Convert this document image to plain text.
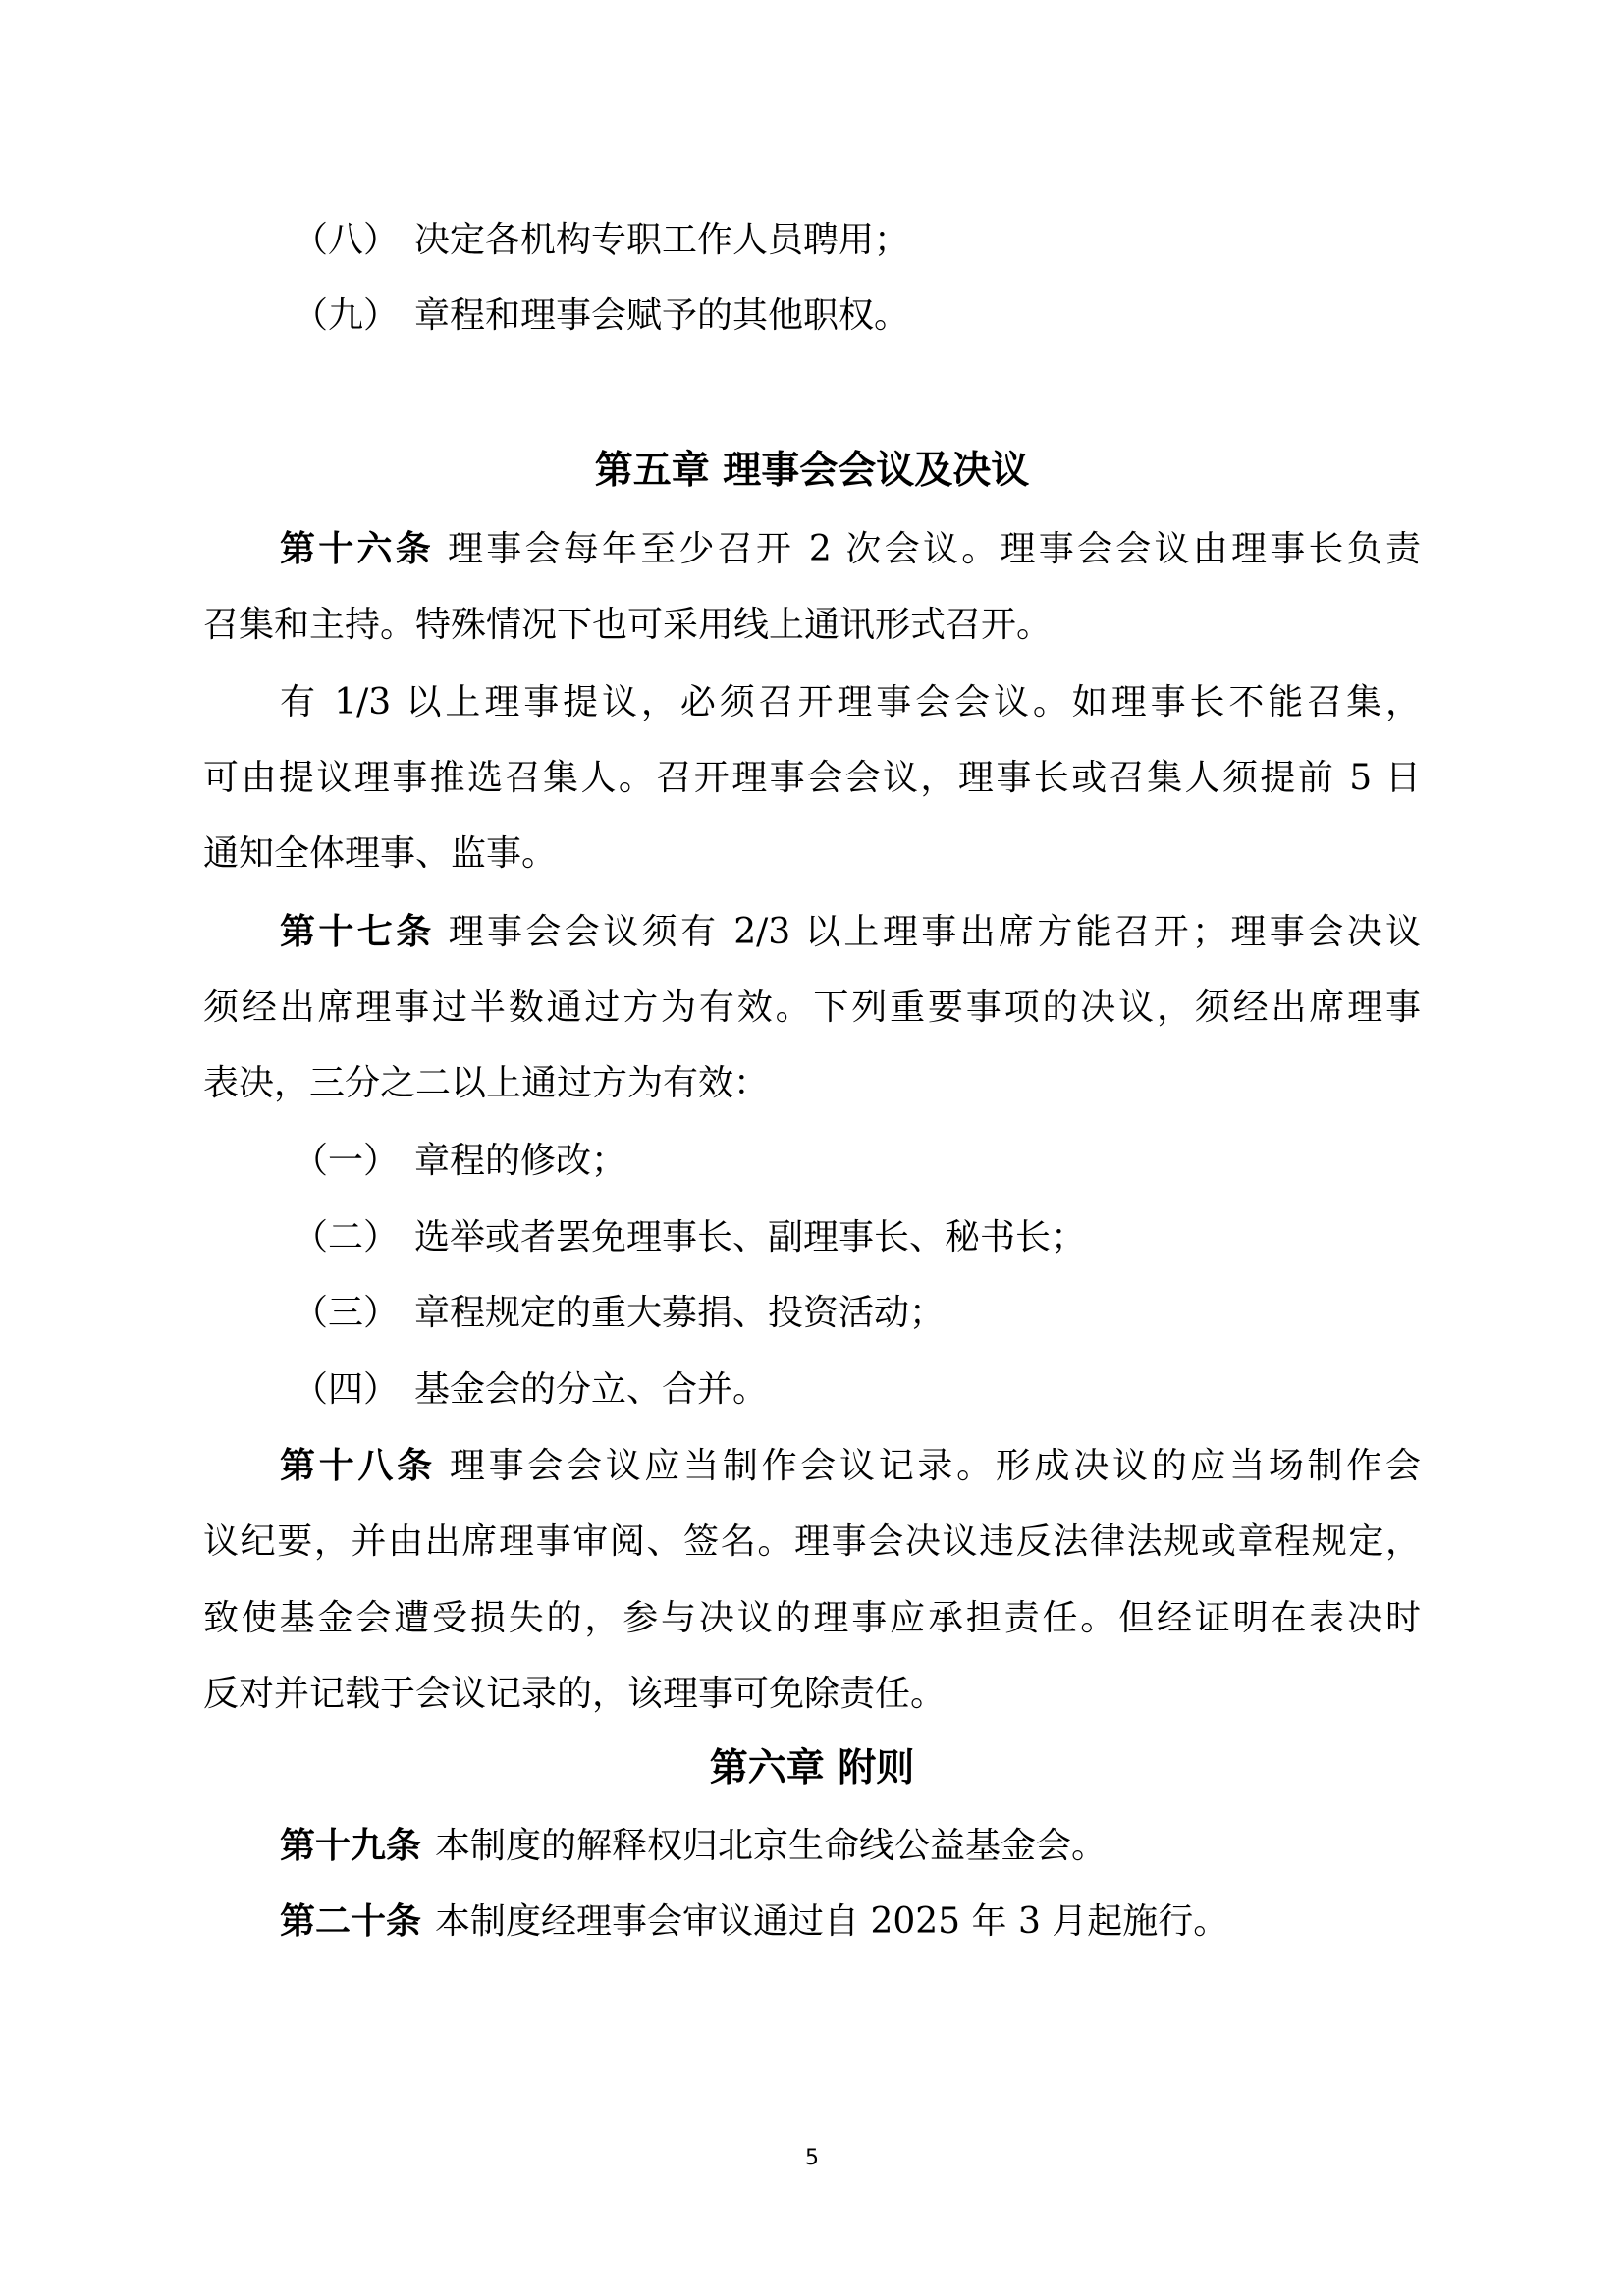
（八） 决定各机构专职工作人员聘用；
（九） 章程和理事会赋予的其他职权。
第五章 理事会会议及决议
第十六条 理事会每年至少召开 2 次会议。理事会会议由理事长负责
召集和主持。特殊情况下也可采用线上通讯形式召开。
有 1/3 以上理事提议，必须召开理事会会议。如理事长不能召集，
可由提议理事推选召集人。召开理事会会议，理事长或召集人须提前 5 日
通知全体理事、监事。
第十七条 理事会会议须有 2/3 以上理事出席方能召开；理事会决议
须经出席理事过半数通过方为有效。下列重要事项的决议，须经出席理事
表决，三分之二以上通过方为有效：
（一） 章程的修改；
（二） 选举或者罢免理事长、副理事长、秘书长；
（三） 章程规定的重大募捐、投资活动；
（四） 基金会的分立、合并。
第十八条 理事会会议应当制作会议记录。形成决议的应当场制作会
议纪要，并由出席理事审阅、签名。理事会决议违反法律法规或章程规定，
致使基金会遭受损失的，参与决议的理事应承担责任。但经证明在表决时
反对并记载于会议记录的，该理事可免除责任。
第六章 附则
第十九条 本制度的解释权归北京生命线公益基金会。
第二十条 本制度经理事会审议通过自 2025 年 3 月起施行。
5
